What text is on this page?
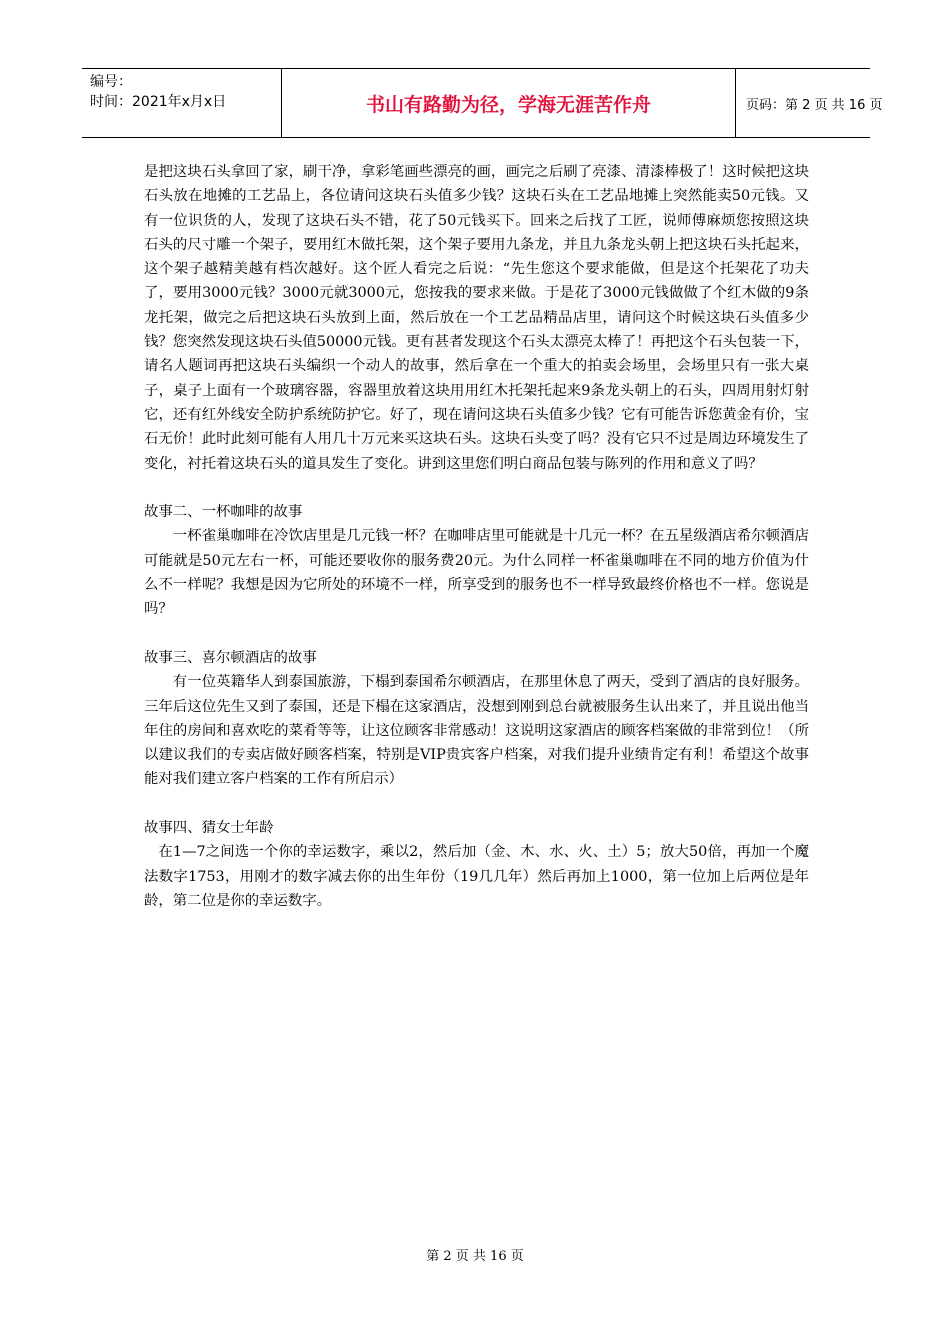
编号：
时间：2021年x月x日	书山有路勤为径，学海无涯苦作舟	页码：第 2 页 共 16 页

是把这块石头拿回了家，刷干净，拿彩笔画些漂亮的画，画完之后刷了亮漆、清漆棒极了！这时候把这块石头放在地摊的工艺品上，各位请问这块石头值多少钱？这块石头在工艺品地摊上突然能卖50元钱。又有一位识货的人，发现了这块石头不错，花了50元钱买下。回来之后找了工匠，说师傅麻烦您按照这块石头的尺寸雕一个架子，要用红木做托架，这个架子要用九条龙，并且九条龙头朝上把这块石头托起来，这个架子越精美越有档次越好。这个匠人看完之后说：“先生您这个要求能做，但是这个托架花了功夫了，要用3000元钱？3000元就3000元，您按我的要求来做。于是花了3000元钱做做了个红木做的9条龙托架，做完之后把这块石头放到上面，然后放在一个工艺品精品店里，请问这个时候这块石头值多少钱？您突然发现这块石头值50000元钱。更有甚者发现这个石头太漂亮太棒了！再把这个石头包装一下，请名人题词再把这块石头编织一个动人的故事，然后拿在一个重大的拍卖会场里，会场里只有一张大桌子，桌子上面有一个玻璃容器，容器里放着这块用用红木托架托起来9条龙头朝上的石头，四周用射灯射它，还有红外线安全防护系统防护它。好了，现在请问这块石头值多少钱？它有可能告诉您黄金有价，宝石无价！此时此刻可能有人用几十万元来买这块石头。这块石头变了吗？没有它只不过是周边环境发生了变化，衬托着这块石头的道具发生了变化。讲到这里您们明白商品包装与陈列的作用和意义了吗？

故事二、一杯咖啡的故事

一杯雀巢咖啡在冷饮店里是几元钱一杯？在咖啡店里可能就是十几元一杯？在五星级酒店希尔顿酒店可能就是50元左右一杯，可能还要收你的服务费20元。为什么同样一杯雀巢咖啡在不同的地方价值为什么不一样呢？我想是因为它所处的环境不一样，所享受到的服务也不一样导致最终价格也不一样。您说是吗？

故事三、喜尔顿酒店的故事

有一位英籍华人到泰国旅游，下榻到泰国希尔顿酒店，在那里休息了两天，受到了酒店的良好服务。三年后这位先生又到了泰国，还是下榻在这家酒店，没想到刚到总台就被服务生认出来了，并且说出他当年住的房间和喜欢吃的菜肴等等，让这位顾客非常感动！这说明这家酒店的顾客档案做的非常到位！（所以建议我们的专卖店做好顾客档案，特别是VIP贵宾客户档案，对我们提升业绩肯定有利！希望这个故事能对我们建立客户档案的工作有所启示）

故事四、猜女士年龄

在1—7之间选一个你的幸运数字，乘以2，然后加（金、木、水、火、土）5；放大50倍，再加一个魔法数字1753，用刚才的数字减去你的出生年份（19几几年）然后再加上1000，第一位加上后两位是年龄，第二位是你的幸运数字。

第 2 页 共 16 页
